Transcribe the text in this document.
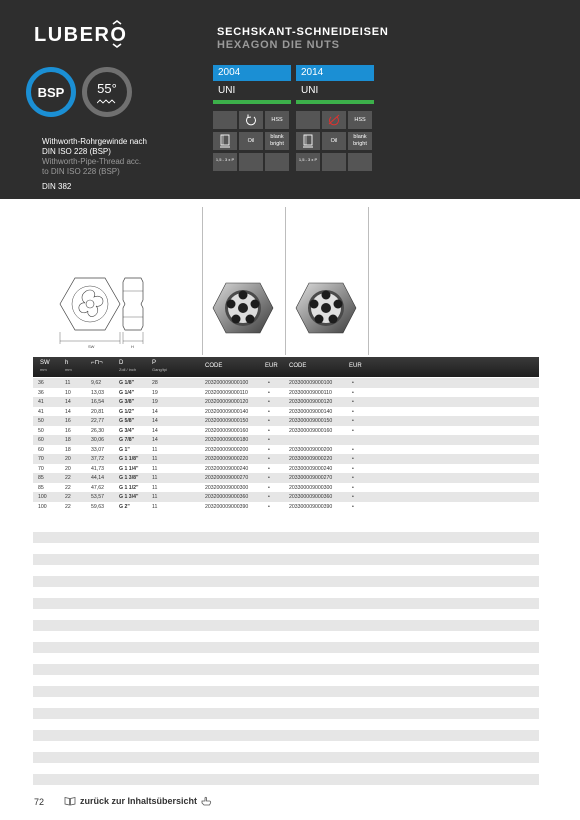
LUBERO
BSP	55°
Withworth-Rohrgewinde nach
DIN ISO 228 (BSP)
Withworth-Pipe-Thread acc.
to DIN ISO 228 (BSP)
DIN 382
SECHSKANT-SCHNEIDEISEN
HEXAGON DIE NUTS
2004
UNI
HSS
Oil
blank bright
1,5 - 3 x P
2014
UNI
HSS
Oil
blank bright
1,5 - 3 x P
SW	H
SW
mm
h
mm
⌐⊓¬	D
Zoll / inch
P
Gang/tpi
CODE	EUR CODE	EUR
36	11	9,62	G 1/8"	28	203200009000100	•	203300009000100	•
36	10	13,03	G 1/4"	19	203200009000110	•	203300009000110	•
41	14	16,54	G 3/8"	19	203200009000120	•	203300009000120	•
41	14	20,81	G 1/2"	14	203200009000140	•	203300009000140	•
50	16	22,77	G 5/8"	14	203200009000150	•	203300009000150	•
50	16	26,30	G 3/4"	14	203200009000160	•	203300009000160	•
60	18	30,06	G 7/8"	14	203200009000180	•
60	18	33,07	G 1"	11	203200009000200	•	203300009000200	•
70	20	37,72	G 1 1/8"	11	203200009000220	•	203300009000220	•
70	20	41,73	G 1 1/4"	11	203200009000240	•	203300009000240	•
85	22	44,14	G 1 3/8"	11	203200009000270	•	203300009000270	•
85	22	47,62	G 1 1/2"	11	203200009000300	•	203300009000300	•
100	22	53,57	G 1 3/4"	11	203200009000360	•	203300009000360	•
100	22	59,63	G 2"	11	203200009000390	•	203300009000390	•
72	zurück zur Inhaltsübersicht
